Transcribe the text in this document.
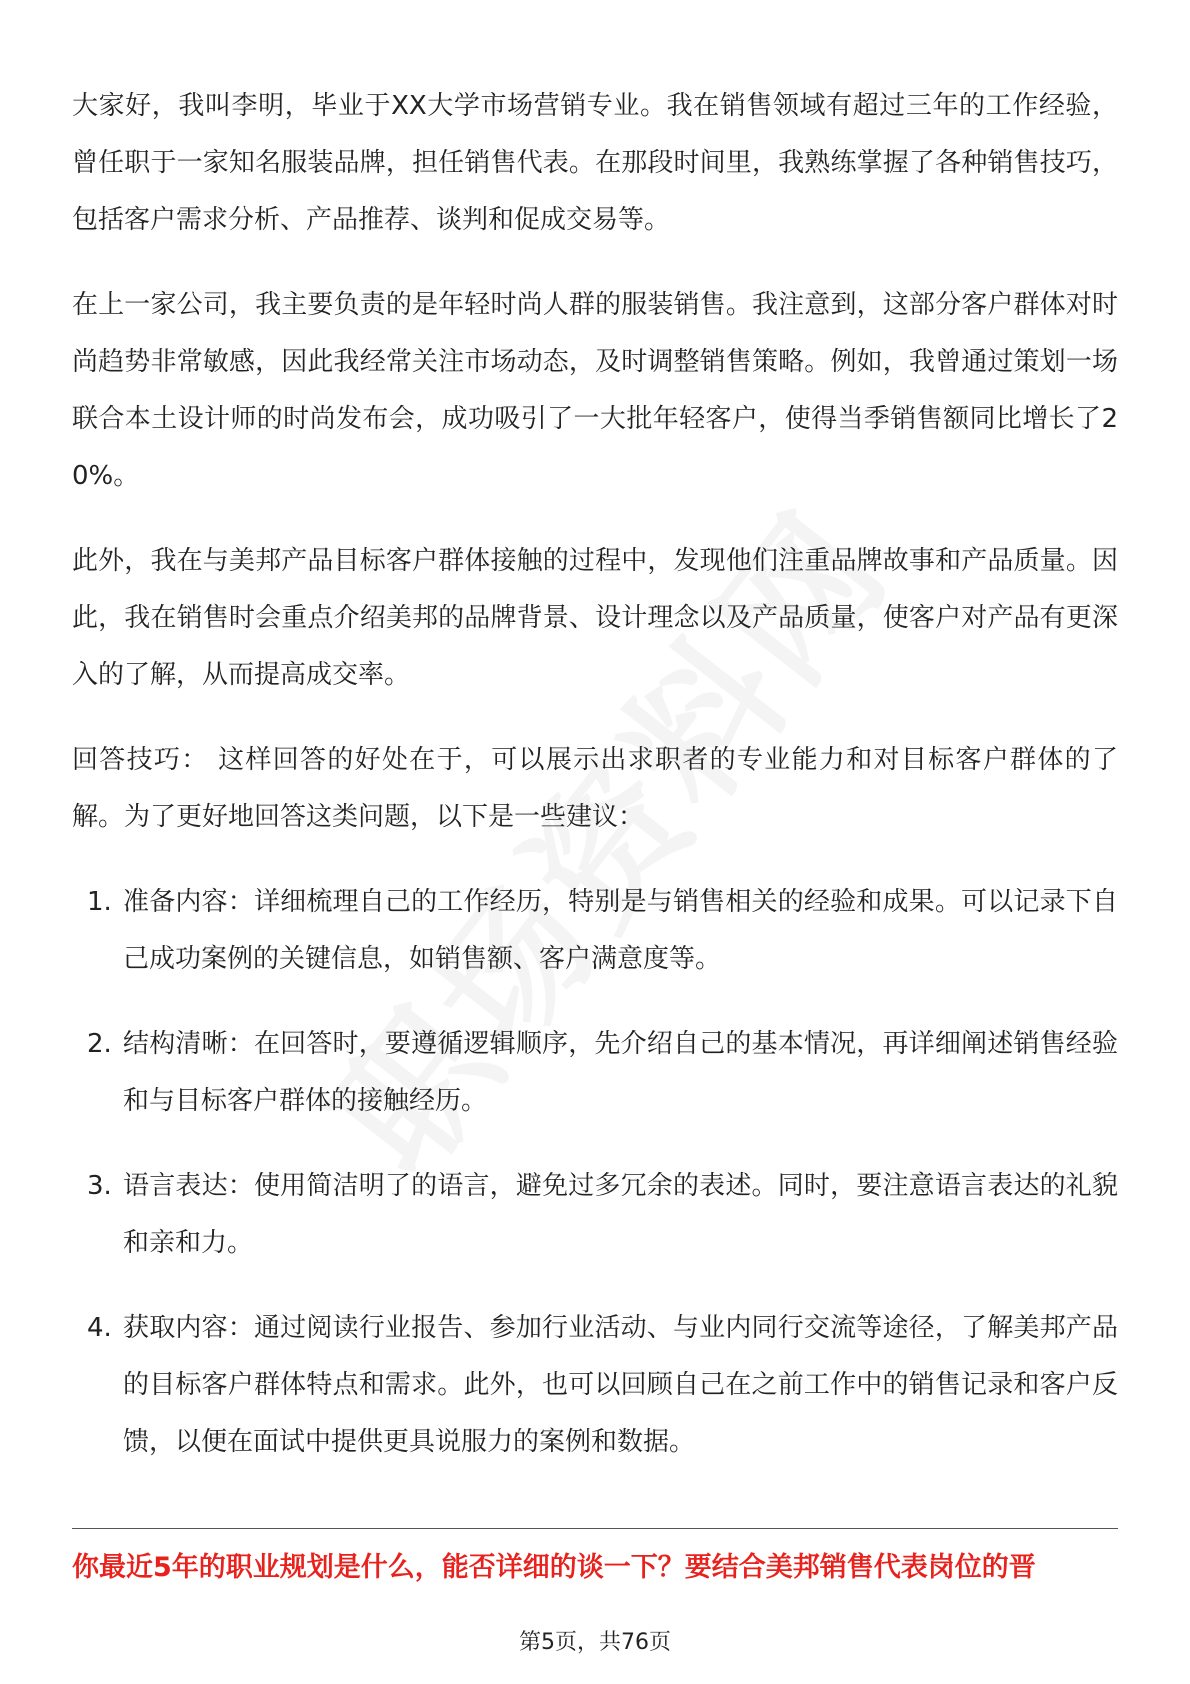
大家好，我叫李明，毕业于XX大学市场营销专业。我在销售领域有超过三年的工作经验，曾任职于一家知名服装品牌，担任销售代表。在那段时间里，我熟练掌握了各种销售技巧，包括客户需求分析、产品推荐、谈判和促成交易等。

在上一家公司，我主要负责的是年轻时尚人群的服装销售。我注意到，这部分客户群体对时尚趋势非常敏感，因此我经常关注市场动态，及时调整销售策略。例如，我曾通过策划一场联合本土设计师的时尚发布会，成功吸引了一大批年轻客户，使得当季销售额同比增长了20%。

此外，我在与美邦产品目标客户群体接触的过程中，发现他们注重品牌故事和产品质量。因此，我在销售时会重点介绍美邦的品牌背景、设计理念以及产品质量，使客户对产品有更深入的了解，从而提高成交率。

回答技巧： 这样回答的好处在于，可以展示出求职者的专业能力和对目标客户群体的了解。为了更好地回答这类问题，以下是一些建议：

1. 准备内容：详细梳理自己的工作经历，特别是与销售相关的经验和成果。可以记录下自己成功案例的关键信息，如销售额、客户满意度等。
2. 结构清晰：在回答时，要遵循逻辑顺序，先介绍自己的基本情况，再详细阐述销售经验和与目标客户群体的接触经历。
3. 语言表达：使用简洁明了的语言，避免过多冗余的表述。同时，要注意语言表达的礼貌和亲和力。
4. 获取内容：通过阅读行业报告、参加行业活动、与业内同行交流等途径，了解美邦产品的目标客户群体特点和需求。此外，也可以回顾自己在之前工作中的销售记录和客户反馈，以便在面试中提供更具说服力的案例和数据。
你最近5年的职业规划是什么，能否详细的谈一下？要结合美邦销售代表岗位的晋
第5页，共76页
